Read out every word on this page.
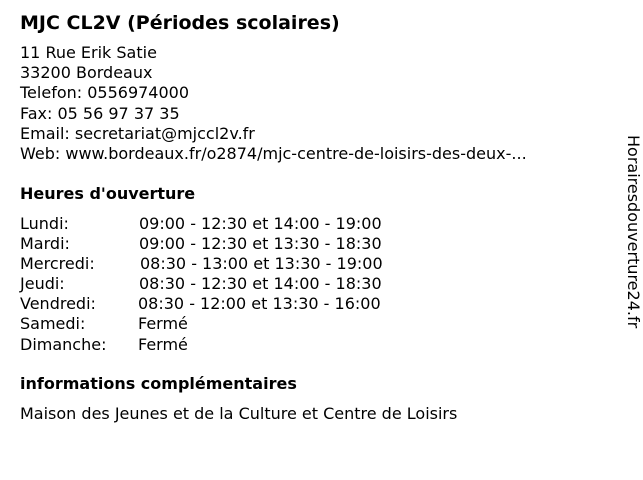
MJC CL2V (Périodes scolaires)
11 Rue Erik Satie
33200 Bordeaux
Telefon: 0556974000
Fax: 05 56 97 37 35
Email: secretariat@mjccl2v.fr
Web: www.bordeaux.fr/o2874/mjc-centre-de-loisirs-des-deux-...
Heures d'ouverture
Lundi:	09:00 - 12:30 et 14:00 - 19:00
Mardi:	09:00 - 12:30 et 13:30 - 18:30
Mercredi:	08:30 - 13:00 et 13:30 - 19:00
Jeudi:	08:30 - 12:30 et 14:00 - 18:30
Vendredi:	08:30 - 12:00 et 13:30 - 16:00
Samedi:	Fermé
Dimanche: Fermé
informations complémentaires
Maison des Jeunes et de la Culture et Centre de Loisirs
Horairesdouverture24.fr
